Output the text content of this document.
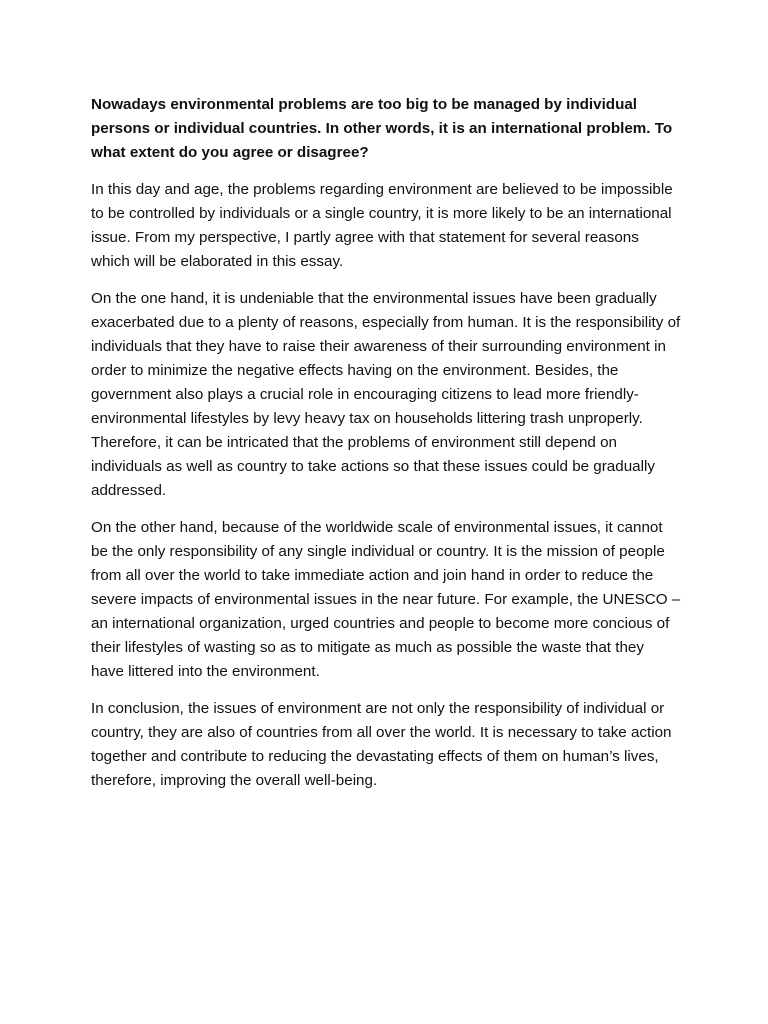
Nowadays environmental problems are too big to be managed by individual persons or individual countries. In other words, it is an international problem. To what extent do you agree or disagree?

In this day and age, the problems regarding environment are believed to be impossible to be controlled by individuals or a single country, it is more likely to be an international issue. From my perspective, I partly agree with that statement for several reasons which will be elaborated in this essay.

On the one hand, it is undeniable that the environmental issues have been gradually exacerbated due to a plenty of reasons, especially from human. It is the responsibility of individuals that they have to raise their awareness of their surrounding environment in order to minimize the negative effects having on the environment. Besides, the government also plays a crucial role in encouraging citizens to lead more friendly-environmental lifestyles by levy heavy tax on households littering trash unproperly. Therefore, it can be intricated that the problems of environment still depend on individuals as well as country to take actions so that these issues could be gradually addressed.

On the other hand, because of the worldwide scale of environmental issues, it cannot be the only responsibility of any single individual or country. It is the mission of people from all over the world to take immediate action and join hand in order to reduce the severe impacts of environmental issues in the near future. For example, the UNESCO – an international organization, urged countries and people to become more concious of their lifestyles of wasting so as to mitigate as much as possible the waste that they have littered into the environment.

In conclusion, the issues of environment are not only the responsibility of individual or country, they are also of countries from all over the world. It is necessary to take action together and contribute to reducing the devastating effects of them on human’s lives, therefore, improving the overall well-being.
